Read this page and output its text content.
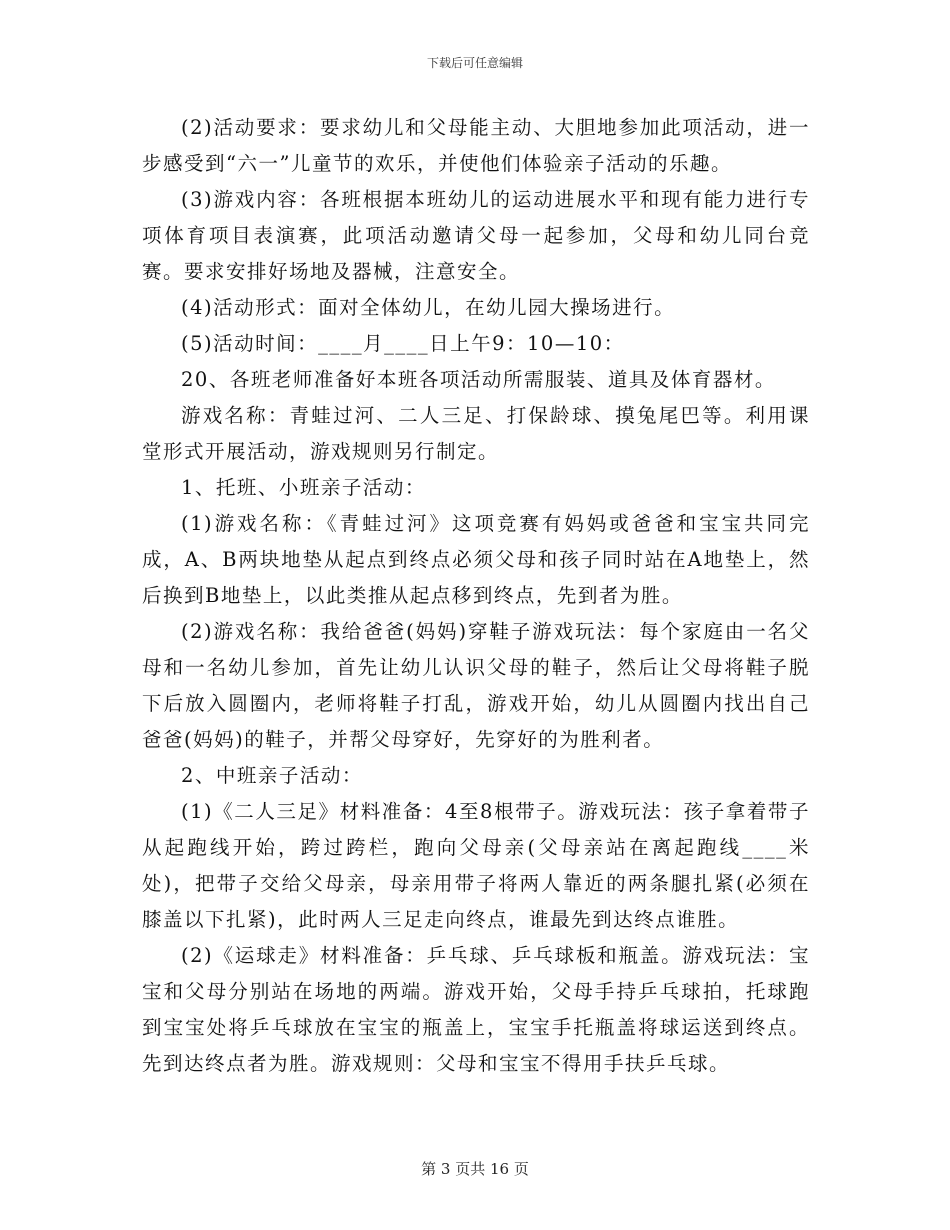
下载后可任意编辑

(2)活动要求：要求幼儿和父母能主动、大胆地参加此项活动，进一步感受到“六一”儿童节的欢乐，并使他们体验亲子活动的乐趣。

(3)游戏内容：各班根据本班幼儿的运动进展水平和现有能力进行专项体育项目表演赛，此项活动邀请父母一起参加，父母和幼儿同台竞赛。要求安排好场地及器械，注意安全。

(4)活动形式：面对全体幼儿，在幼儿园大操场进行。

(5)活动时间：____月____日上午9：10—10：

20、各班老师准备好本班各项活动所需服装、道具及体育器材。

游戏名称：青蛙过河、二人三足、打保龄球、摸兔尾巴等。利用课堂形式开展活动，游戏规则另行制定。

1、托班、小班亲子活动：

(1)游戏名称：《青蛙过河》这项竞赛有妈妈或爸爸和宝宝共同完成，A、B两块地垫从起点到终点必须父母和孩子同时站在A地垫上，然后换到B地垫上，以此类推从起点移到终点，先到者为胜。

(2)游戏名称：我给爸爸(妈妈)穿鞋子游戏玩法：每个家庭由一名父母和一名幼儿参加，首先让幼儿认识父母的鞋子，然后让父母将鞋子脱下后放入圆圈内，老师将鞋子打乱，游戏开始，幼儿从圆圈内找出自己爸爸(妈妈)的鞋子，并帮父母穿好，先穿好的为胜利者。

2、中班亲子活动：

(1)《二人三足》材料准备：4至8根带子。游戏玩法：孩子拿着带子从起跑线开始，跨过跨栏，跑向父母亲(父母亲站在离起跑线____米处)，把带子交给父母亲，母亲用带子将两人靠近的两条腿扎紧(必须在膝盖以下扎紧)，此时两人三足走向终点，谁最先到达终点谁胜。

(2)《运球走》材料准备：乒乓球、乒乓球板和瓶盖。游戏玩法：宝宝和父母分别站在场地的两端。游戏开始，父母手持乒乓球拍，托球跑到宝宝处将乒乓球放在宝宝的瓶盖上，宝宝手托瓶盖将球运送到终点。先到达终点者为胜。游戏规则：父母和宝宝不得用手扶乒乓球。

第 3 页共 16 页
